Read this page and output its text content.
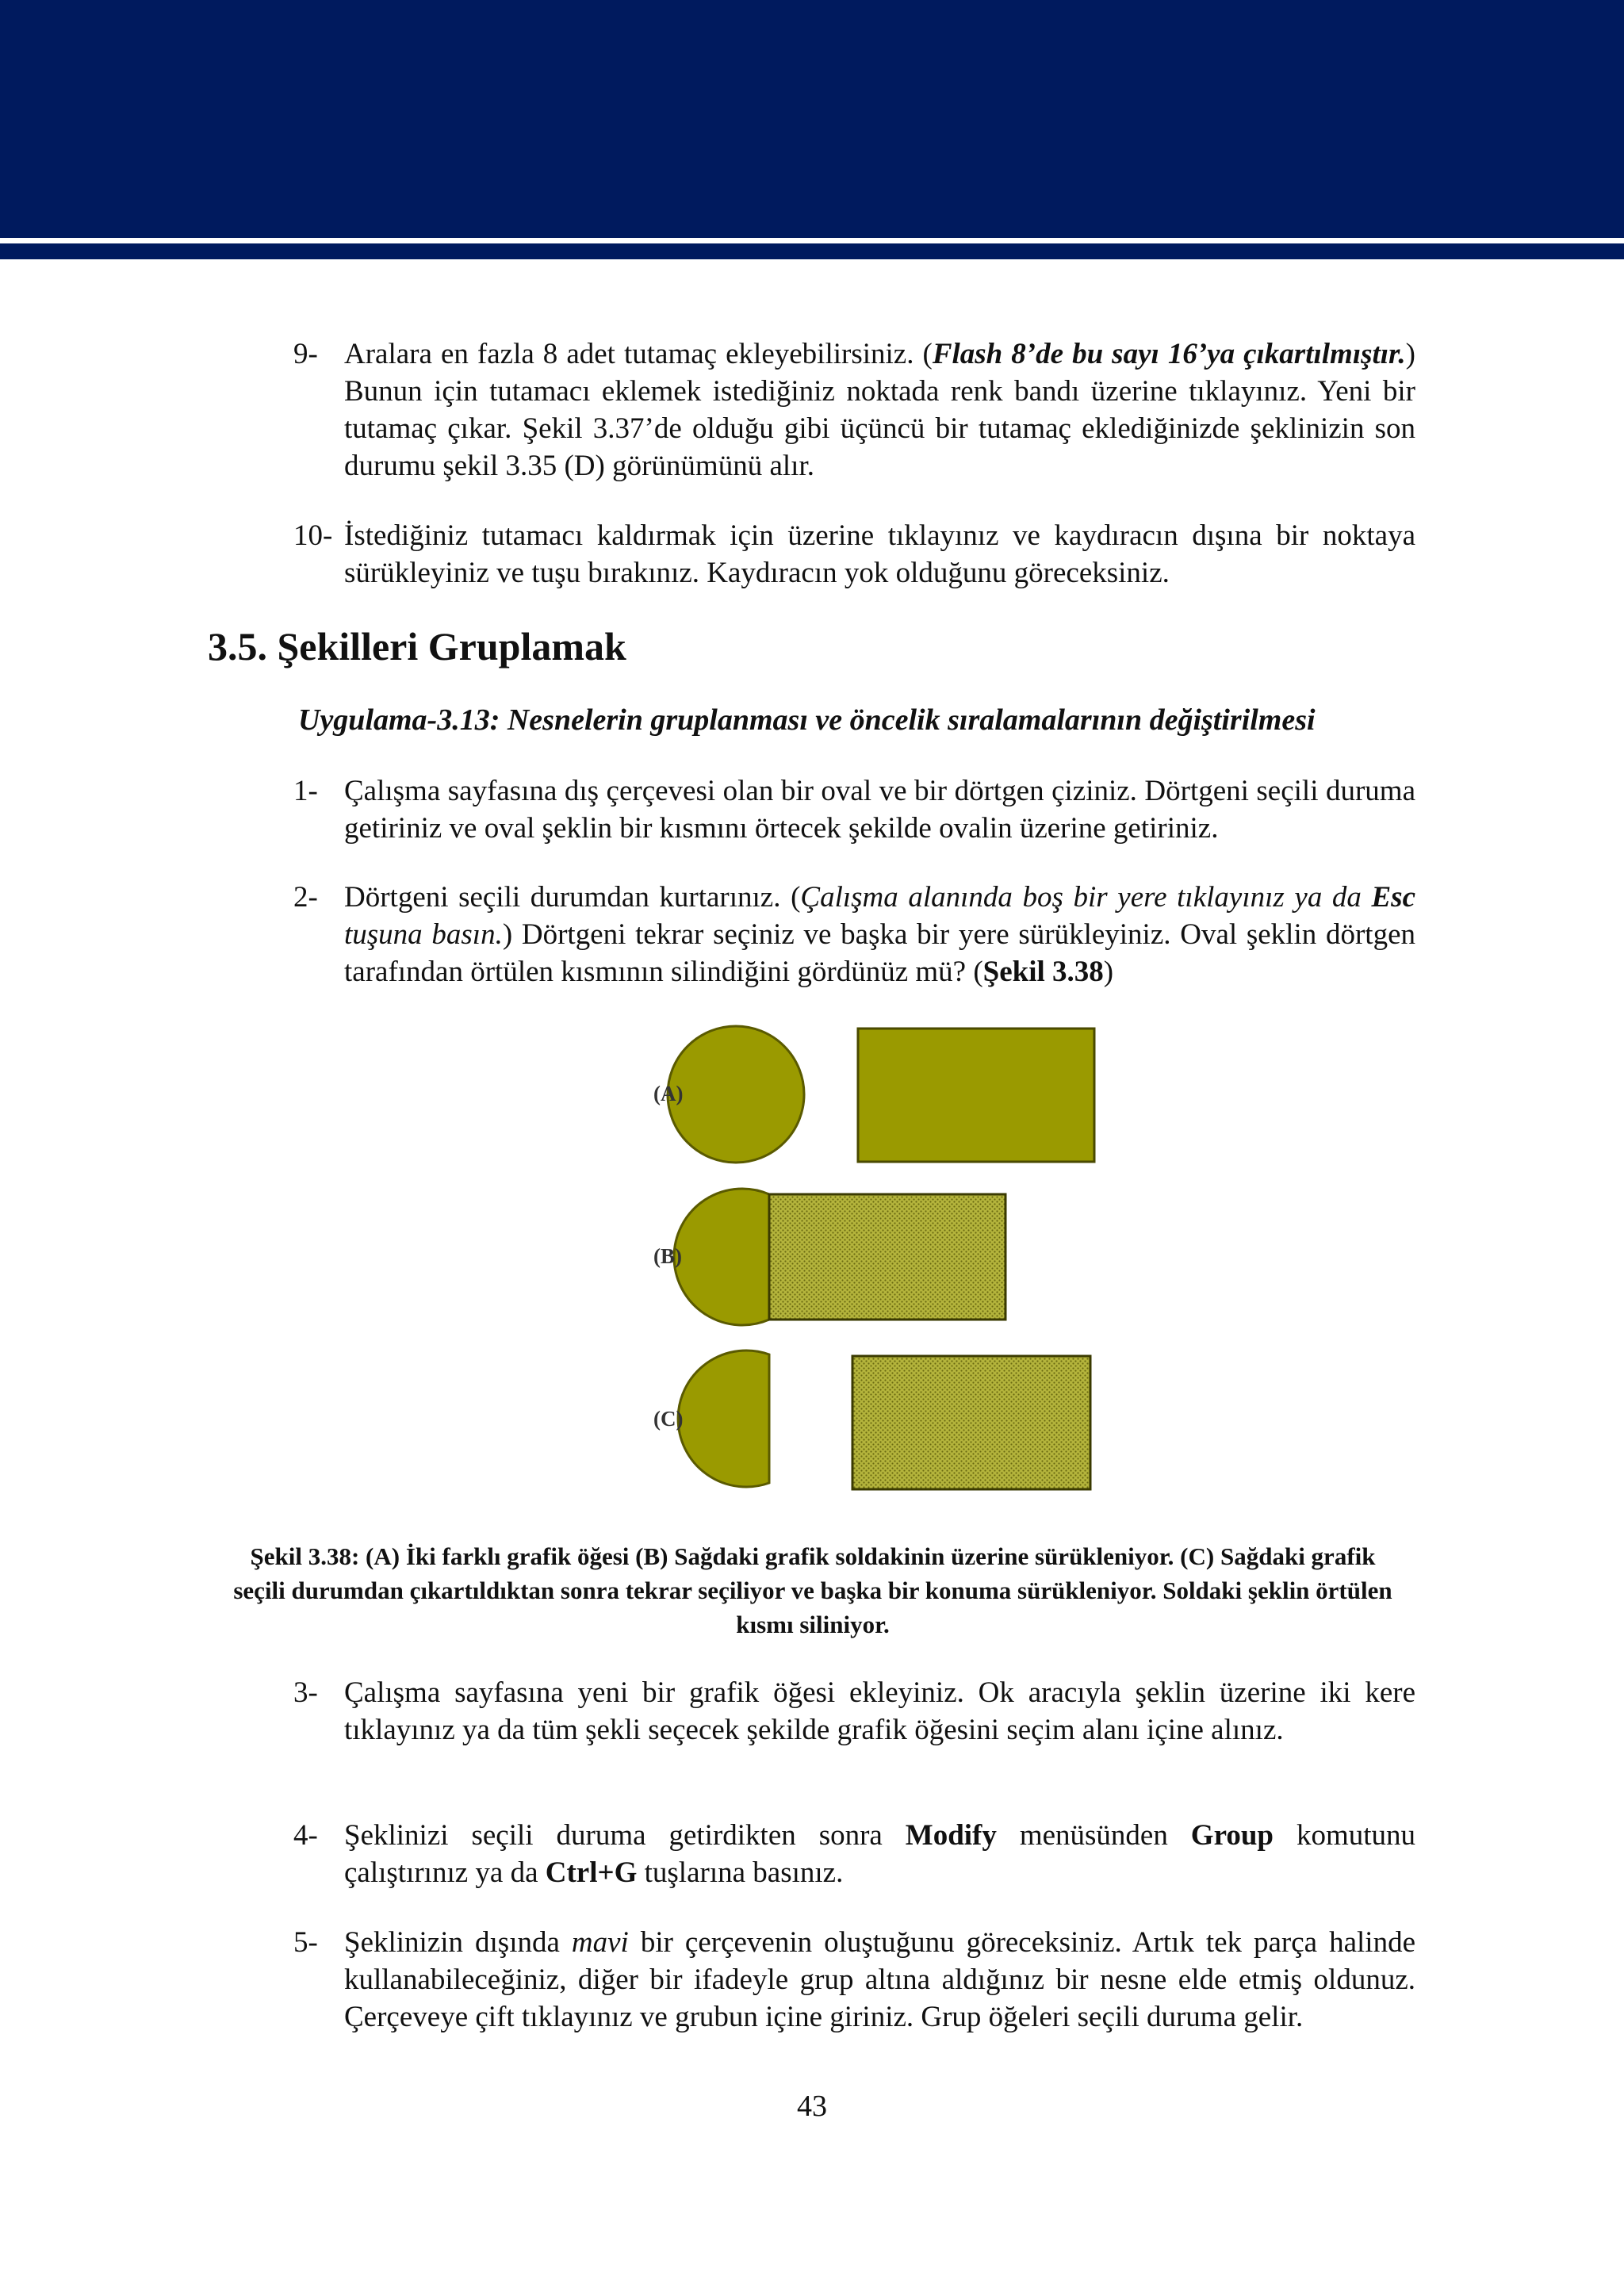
9- Aralara en fazla 8 adet tutamaç ekleyebilirsiniz. (Flash 8’de bu sayı 16’ya çıkartılmıştır.) Bunun için tutamacı eklemek istediğiniz noktada renk bandı üzerine tıklayınız. Yeni bir tutamaç çıkar. Şekil 3.37’de olduğu gibi üçüncü bir tutamaç eklediğinizde şeklinizin son durumu şekil 3.35 (D) görünümünü alır.
10- İstediğiniz tutamacı kaldırmak için üzerine tıklayınız ve kaydıracın dışına bir noktaya sürükleyiniz ve tuşu bırakınız. Kaydıracın yok olduğunu göreceksiniz.
3.5. Şekilleri Gruplamak
Uygulama-3.13: Nesnelerin gruplanması ve öncelik sıralamalarının değiştirilmesi
1- Çalışma sayfasına dış çerçevesi olan bir oval ve bir dörtgen çiziniz. Dörtgeni seçili duruma getiriniz ve oval şeklin bir kısmını örtecek şekilde ovalin üzerine getiriniz.
2- Dörtgeni seçili durumdan kurtarınız. (Çalışma alanında boş bir yere tıklayınız ya da Esc tuşuna basın.) Dörtgeni tekrar seçiniz ve başka bir yere sürükleyiniz. Oval şeklin dörtgen tarafından örtülen kısmının silindiğini gördünüz mü? (Şekil 3.38)
(A)
(B)
(C)
Şekil 3.38: (A) İki farklı grafik öğesi (B) Sağdaki grafik soldakinin üzerine sürükleniyor. (C) Sağdaki grafik seçili durumdan çıkartıldıktan sonra tekrar seçiliyor ve başka bir konuma sürükleniyor. Soldaki şeklin örtülen kısmı siliniyor.
3- Çalışma sayfasına yeni bir grafik öğesi ekleyiniz. Ok aracıyla şeklin üzerine iki kere tıklayınız ya da tüm şekli seçecek şekilde grafik öğesini seçim alanı içine alınız.
4- Şeklinizi seçili duruma getirdikten sonra Modify menüsünden Group komutunu çalıştırınız ya da Ctrl+G tuşlarına basınız.
5- Şeklinizin dışında mavi bir çerçevenin oluştuğunu göreceksiniz. Artık tek parça halinde kullanabileceğiniz, diğer bir ifadeyle grup altına aldığınız bir nesne elde etmiş oldunuz. Çerçeveye çift tıklayınız ve grubun içine giriniz. Grup öğeleri seçili duruma gelir.
43
